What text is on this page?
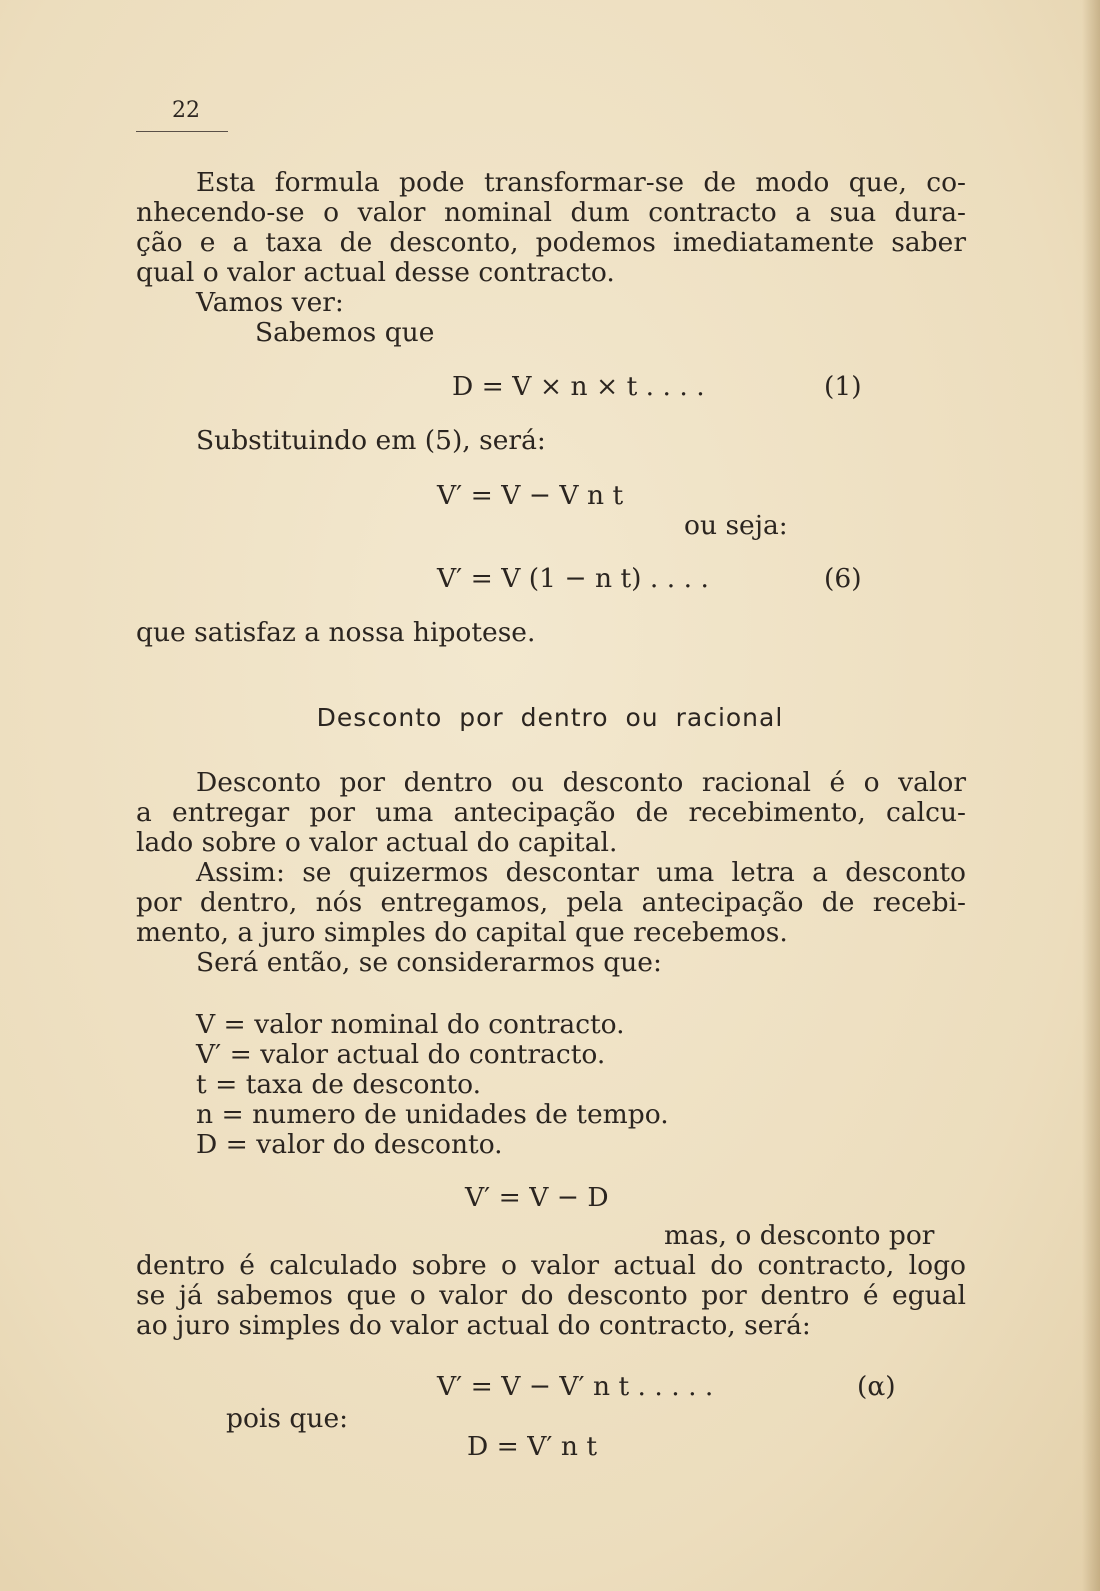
22
Esta formula pode transformar-se de modo que, co-
nhecendo-se o valor nominal dum contracto a sua dura-
ção e a taxa de desconto, podemos imediatamente saber
qual o valor actual desse contracto.
Vamos ver:
Sabemos que
D = V × n × t . . . .	(1)
Substituindo em (5), será:
V′ = V − V n t
ou seja:
V′ = V (1 − n t) . . . .	(6)
que satisfaz a nossa hipotese.
Desconto por dentro ou racional
Desconto por dentro ou desconto racional é o valor
a entregar por uma antecipação de recebimento, calcu-
lado sobre o valor actual do capital.
Assim: se quizermos descontar uma letra a desconto
por dentro, nós entregamos, pela antecipação de recebi-
mento, a juro simples do capital que recebemos.
Será então, se considerarmos que:
V = valor nominal do contracto.
V′ = valor actual do contracto.
t = taxa de desconto.
n = numero de unidades de tempo.
D = valor do desconto.
V′ = V − D
mas, o desconto por
dentro é calculado sobre o valor actual do contracto, logo
se já sabemos que o valor do desconto por dentro é egual
ao juro simples do valor actual do contracto, será:
V′ = V − V′ n t . . . . .	(α)
pois que:
D = V′ n t
